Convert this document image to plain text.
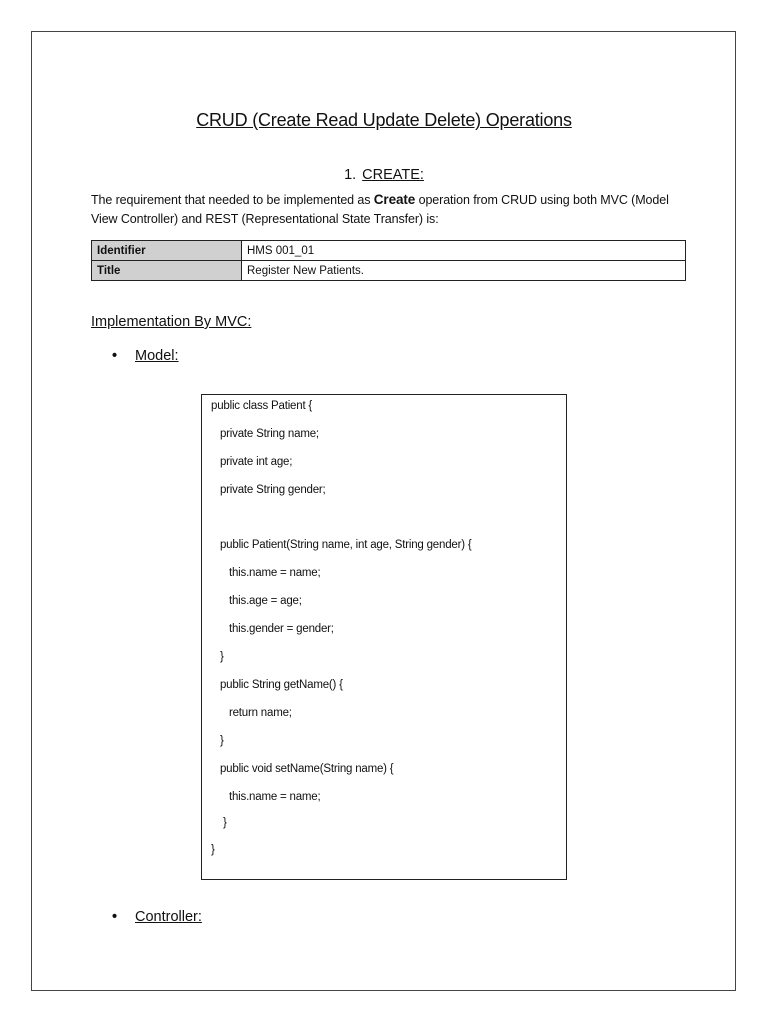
CRUD (Create Read Update Delete) Operations
1. CREATE:
The requirement that needed to be implemented as Create operation from CRUD using both MVC (Model View Controller) and REST (Representational State Transfer) is:
Identifier	HMS 001_01
Title	Register New Patients.
Implementation By MVC:
• Model:
public class Patient {
private String name;
private int age;
private String gender;
public Patient(String name, int age, String gender) {
this.name = name;
this.age = age;
this.gender = gender;
}
public String getName() {
return name;
}
public void setName(String name) {
this.name = name;
}
}
• Controller:
